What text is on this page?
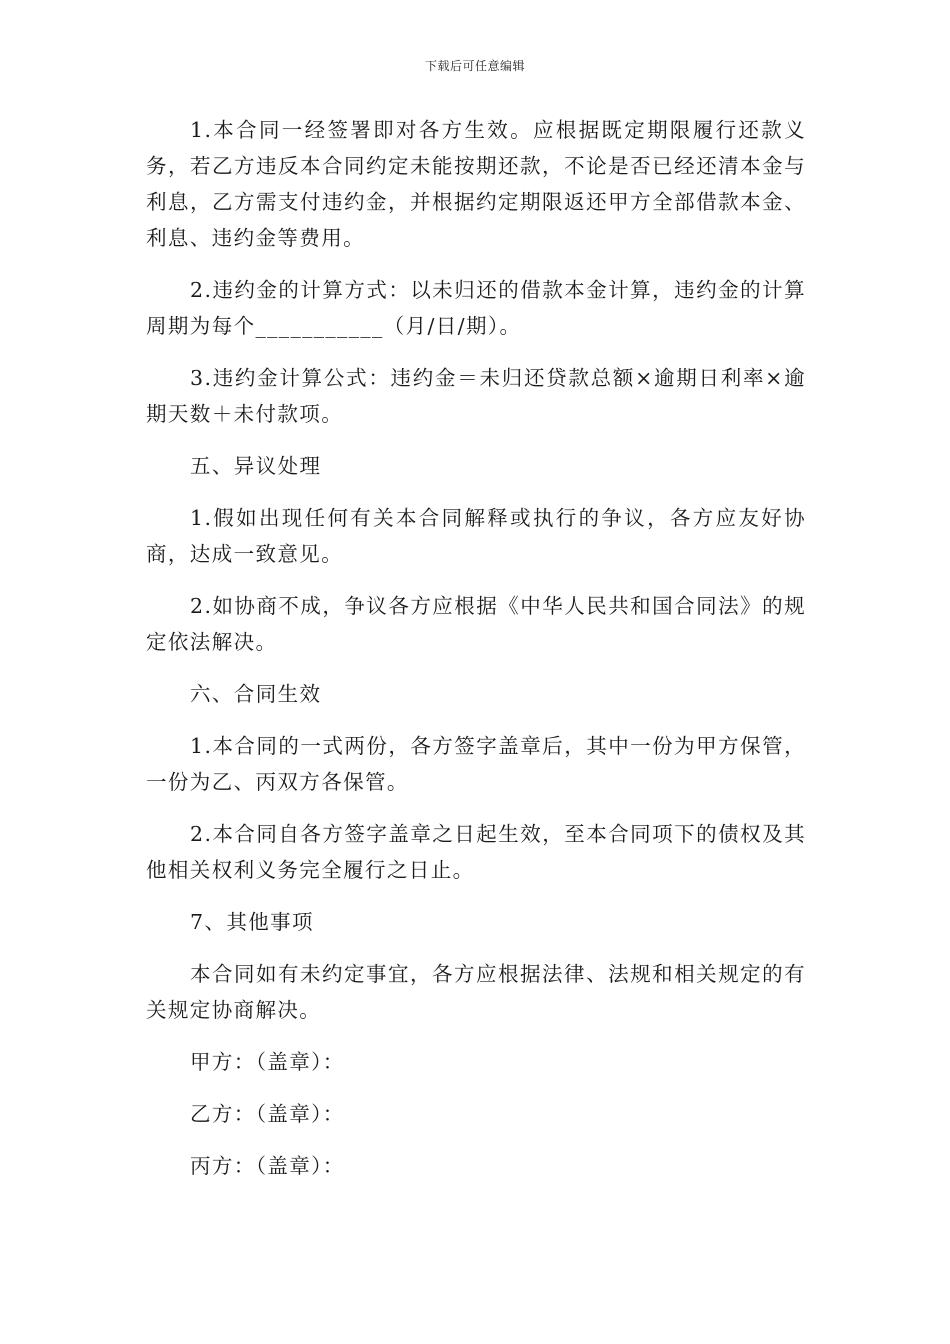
下载后可任意编辑

1.本合同一经签署即对各方生效。应根据既定期限履行还款义务，若乙方违反本合同约定未能按期还款，不论是否已经还清本金与利息，乙方需支付违约金，并根据约定期限返还甲方全部借款本金、利息、违约金等费用。

2.违约金的计算方式：以未归还的借款本金计算，违约金的计算周期为每个___________（月/日/期）。

3.违约金计算公式：违约金＝未归还贷款总额×逾期日利率×逾期天数＋未付款项。

五、异议处理

1.假如出现任何有关本合同解释或执行的争议，各方应友好协商，达成一致意见。

2.如协商不成，争议各方应根据《中华人民共和国合同法》的规定依法解决。

六、合同生效

1.本合同的一式两份，各方签字盖章后，其中一份为甲方保管，一份为乙、丙双方各保管。

2.本合同自各方签字盖章之日起生效，至本合同项下的债权及其他相关权利义务完全履行之日止。

7、其他事项

本合同如有未约定事宜，各方应根据法律、法规和相关规定的有关规定协商解决。

甲方：（盖章）：

乙方：（盖章）：

丙方：（盖章）：
